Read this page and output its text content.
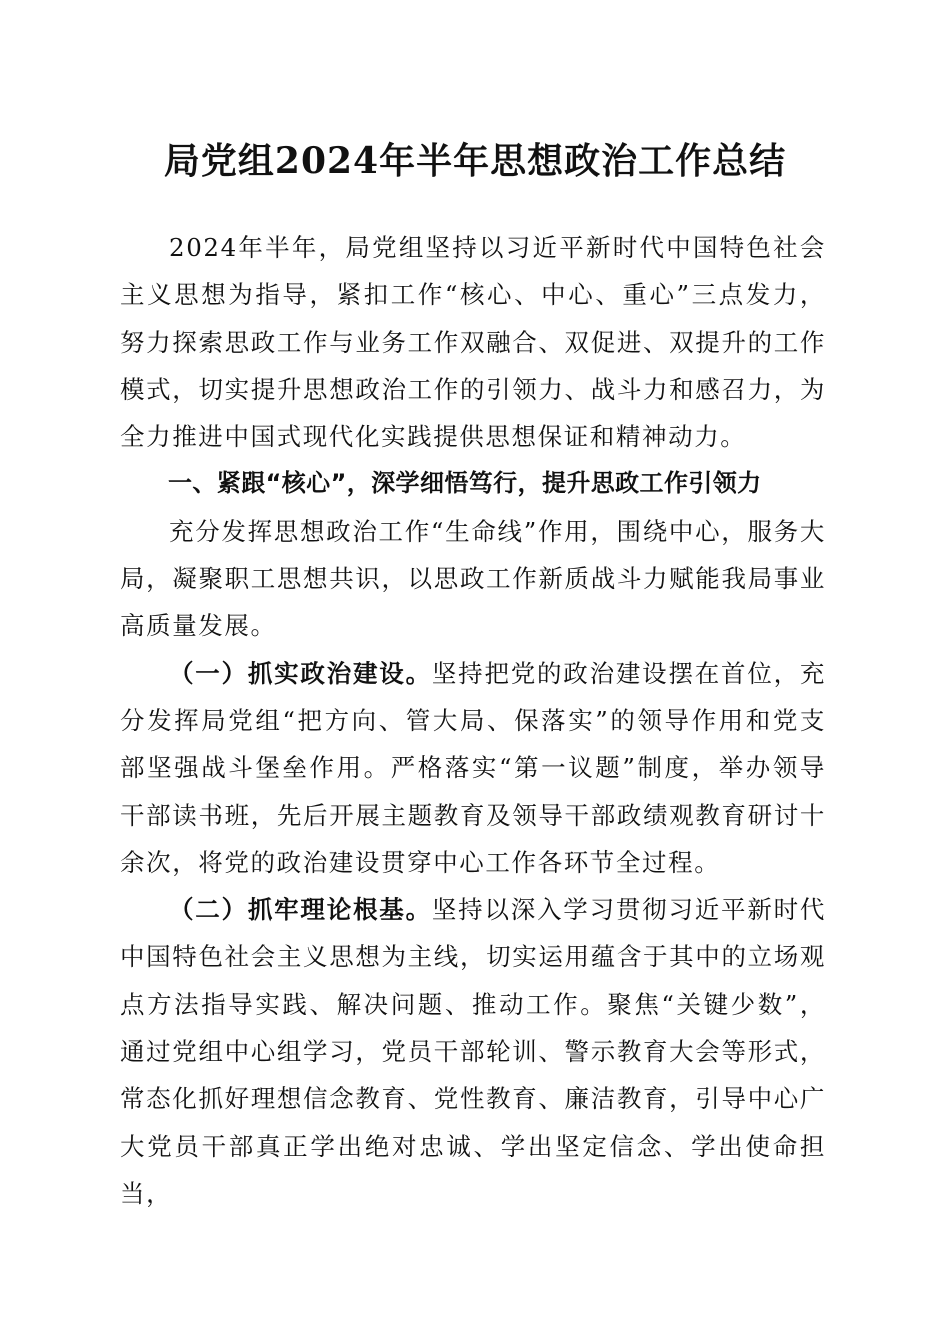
局党组2024年半年思想政治工作总结

2024年半年，局党组坚持以习近平新时代中国特色社会主义思想为指导，紧扣工作“核心、中心、重心”三点发力，努力探索思政工作与业务工作双融合、双促进、双提升的工作模式，切实提升思想政治工作的引领力、战斗力和感召力，为全力推进中国式现代化实践提供思想保证和精神动力。

一、紧跟“核心”，深学细悟笃行，提升思政工作引领力

充分发挥思想政治工作“生命线”作用，围绕中心，服务大局，凝聚职工思想共识，以思政工作新质战斗力赋能我局事业高质量发展。

（一）抓实政治建设。坚持把党的政治建设摆在首位，充分发挥局党组“把方向、管大局、保落实”的领导作用和党支部坚强战斗堡垒作用。严格落实“第一议题”制度，举办领导干部读书班，先后开展主题教育及领导干部政绩观教育研讨十余次，将党的政治建设贯穿中心工作各环节全过程。

（二）抓牢理论根基。坚持以深入学习贯彻习近平新时代中国特色社会主义思想为主线，切实运用蕴含于其中的立场观点方法指导实践、解决问题、推动工作。聚焦“关键少数”，通过党组中心组学习，党员干部轮训、警示教育大会等形式，常态化抓好理想信念教育、党性教育、廉洁教育，引导中心广大党员干部真正学出绝对忠诚、学出坚定信念、学出使命担当，
